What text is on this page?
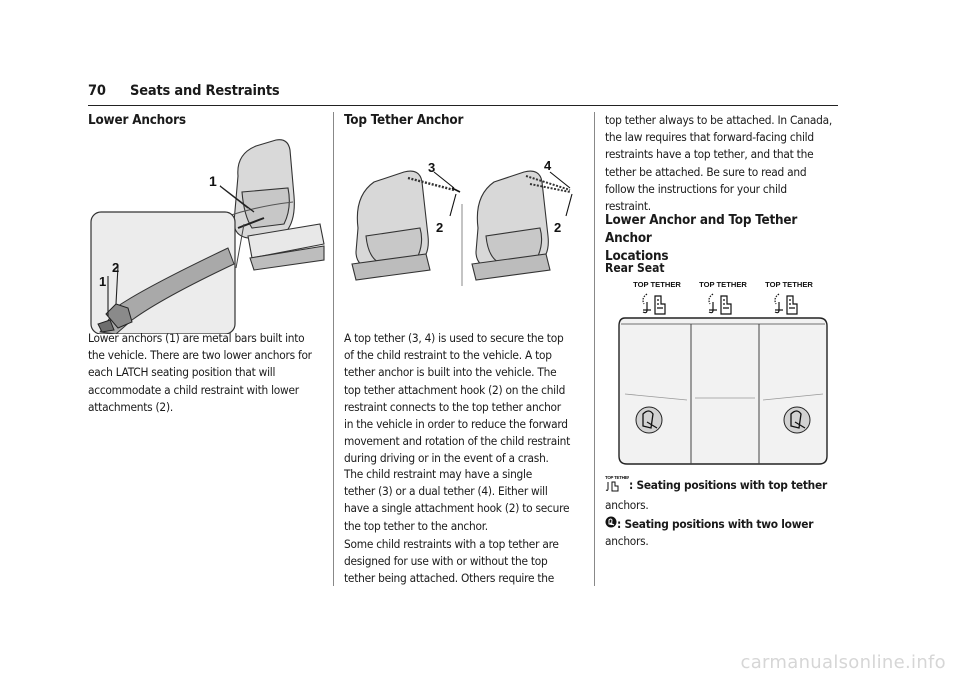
70 Seats and Restraints
Lower Anchors
1
1
2

Lower anchors (1) are metal bars built into

the vehicle. There are two lower anchors for

each LATCH seating position that will

accommodate a child restraint with lower

attachments (2).

Top Tether Anchor
3
2
4
2

A top tether (3, 4) is used to secure the top

of the child restraint to the vehicle. A top

tether anchor is built into the vehicle. The

top tether attachment hook (2) on the child

restraint connects to the top tether anchor

in the vehicle in order to reduce the forward

movement and rotation of the child restraint

during driving or in the event of a crash.

The child restraint may have a single

tether (3) or a dual tether (4). Either will

have a single attachment hook (2) to secure

the top tether to the anchor.

Some child restraints with a top tether are

designed for use with or without the top

tether being attached. Others require the

top tether always to be attached. In Canada,

the law requires that forward-facing child

restraints have a top tether, and that the

tether be attached. Be sure to read and

follow the instructions for your child

restraint.

Lower Anchor and Top Tether Anchor
Locations
Rear Seat
TOP TETHER TOP TETHER TOP TETHER

TOP TETHER
: Seating positions with top tether

anchors.

: Seating positions with two lower

anchors.

carmanualsonline.info
